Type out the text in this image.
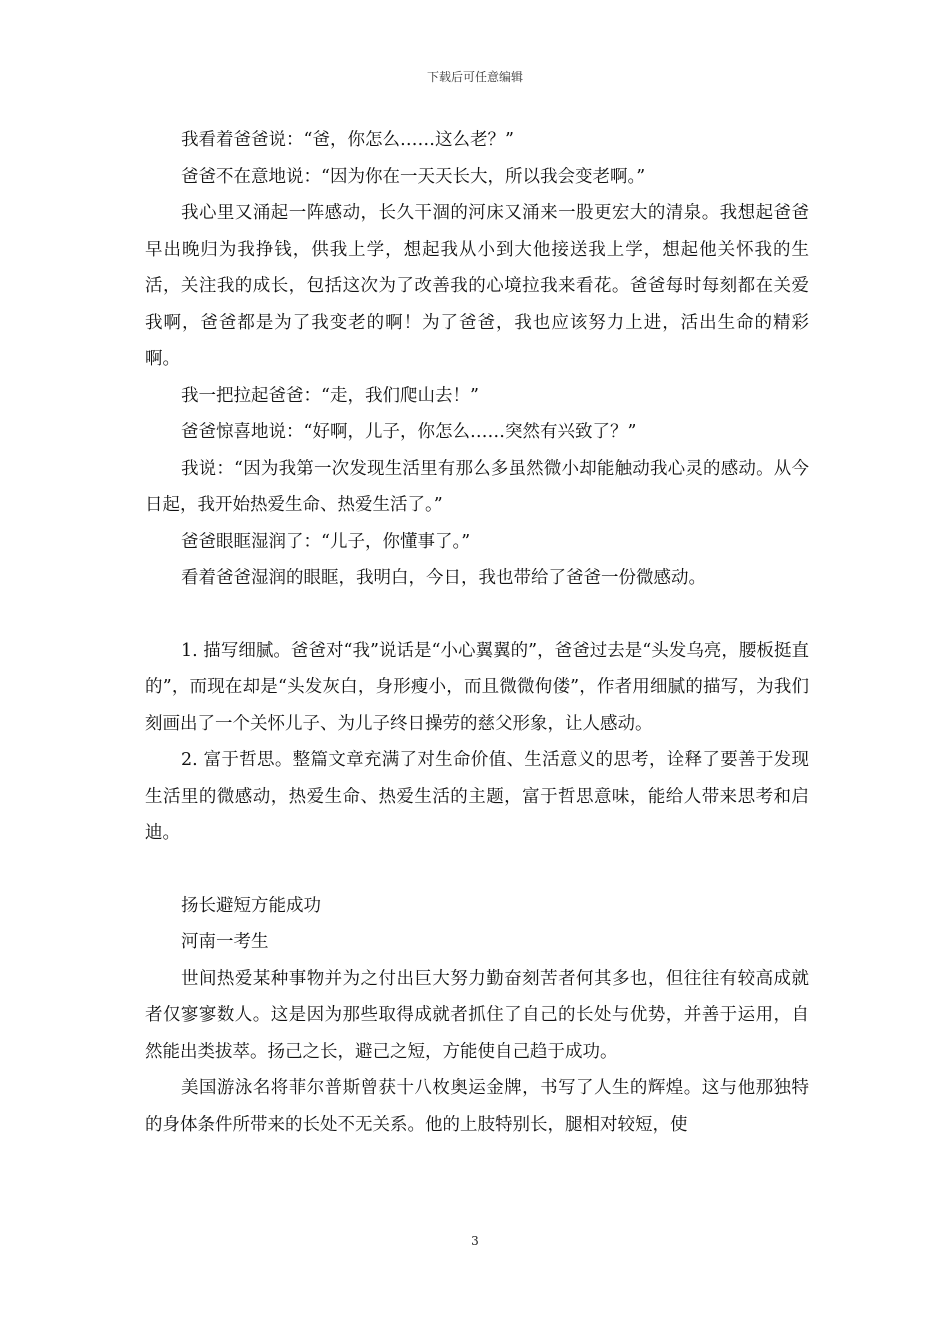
下载后可任意编辑

我看着爸爸说：“爸，你怎么……这么老？”

爸爸不在意地说：“因为你在一天天长大，所以我会变老啊。”

我心里又涌起一阵感动，长久干涸的河床又涌来一股更宏大的清泉。我想起爸爸早出晚归为我挣钱，供我上学，想起我从小到大他接送我上学，想起他关怀我的生活，关注我的成长，包括这次为了改善我的心境拉我来看花。爸爸每时每刻都在关爱我啊，爸爸都是为了我变老的啊！为了爸爸，我也应该努力上进，活出生命的精彩啊。

我一把拉起爸爸：“走，我们爬山去！”

爸爸惊喜地说：“好啊，儿子，你怎么……突然有兴致了？”

我说：“因为我第一次发现生活里有那么多虽然微小却能触动我心灵的感动。从今日起，我开始热爱生命、热爱生活了。”

爸爸眼眶湿润了：“儿子，你懂事了。”

看着爸爸湿润的眼眶，我明白，今日，我也带给了爸爸一份微感动。

1. 描写细腻。爸爸对“我”说话是“小心翼翼的”，爸爸过去是“头发乌亮，腰板挺直的”，而现在却是“头发灰白，身形瘦小，而且微微佝偻”，作者用细腻的描写，为我们刻画出了一个关怀儿子、为儿子终日操劳的慈父形象，让人感动。

2. 富于哲思。整篇文章充满了对生命价值、生活意义的思考，诠释了要善于发现生活里的微感动，热爱生命、热爱生活的主题，富于哲思意味，能给人带来思考和启迪。

扬长避短方能成功

河南一考生

世间热爱某种事物并为之付出巨大努力勤奋刻苦者何其多也，但往往有较高成就者仅寥寥数人。这是因为那些取得成就者抓住了自己的长处与优势，并善于运用，自然能出类拔萃。扬己之长，避己之短，方能使自己趋于成功。

美国游泳名将菲尔普斯曾获十八枚奥运金牌，书写了人生的辉煌。这与他那独特的身体条件所带来的长处不无关系。他的上肢特别长，腿相对较短，使

3
